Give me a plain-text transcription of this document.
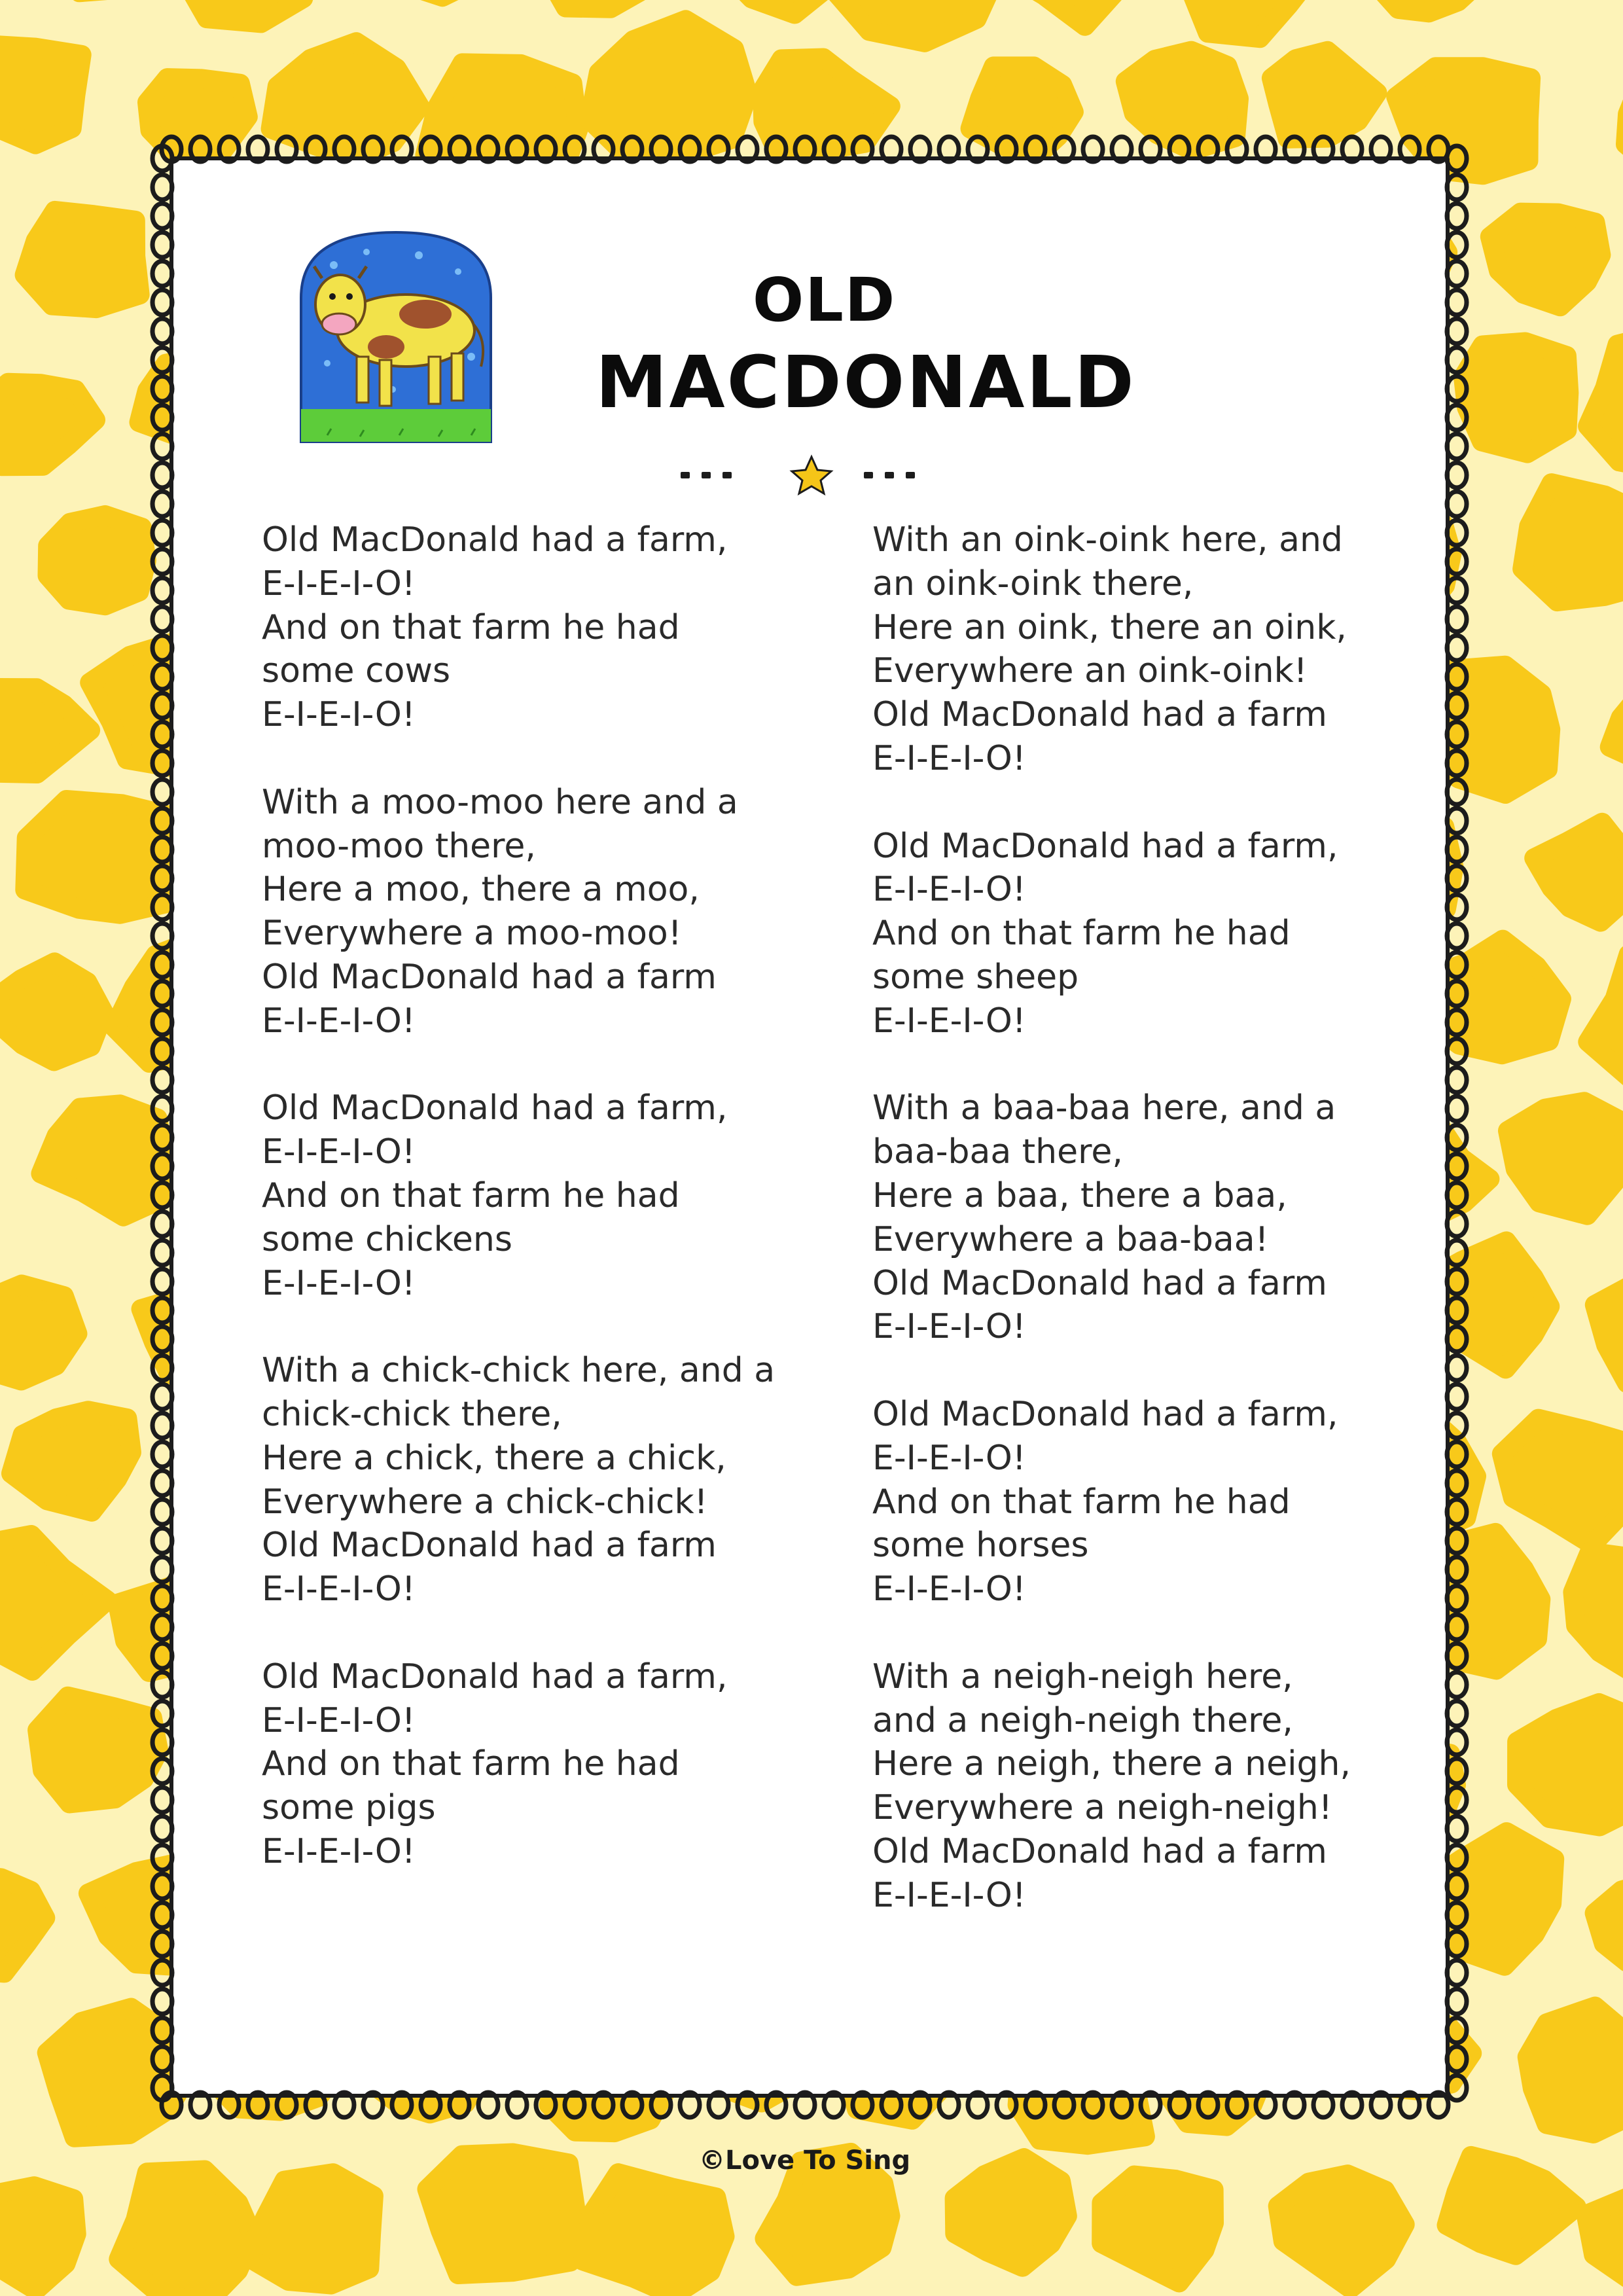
OLD
MACDONALD
Old MacDonald had a farm,
E-I-E-I-O!
And on that farm he had
some cows
E-I-E-I-O!
With a moo-moo here and a
moo-moo there,
Here a moo, there a moo,
Everywhere a moo-moo!
Old MacDonald had a farm
E-I-E-I-O!
Old MacDonald had a farm,
E-I-E-I-O!
And on that farm he had
some chickens
E-I-E-I-O!
With a chick-chick here, and a
chick-chick there,
Here a chick, there a chick,
Everywhere a chick-chick!
Old MacDonald had a farm
E-I-E-I-O!
Old MacDonald had a farm,
E-I-E-I-O!
And on that farm he had
some pigs
E-I-E-I-O!
With an oink-oink here, and
an oink-oink there,
Here an oink, there an oink,
Everywhere an oink-oink!
Old MacDonald had a farm
E-I-E-I-O!
Old MacDonald had a farm,
E-I-E-I-O!
And on that farm he had
some sheep
E-I-E-I-O!
With a baa-baa here, and a
baa-baa there,
Here a baa, there a baa,
Everywhere a baa-baa!
Old MacDonald had a farm
E-I-E-I-O!
Old MacDonald had a farm,
E-I-E-I-O!
And on that farm he had
some horses
E-I-E-I-O!
With a neigh-neigh here,
and a neigh-neigh there,
Here a neigh, there a neigh,
Everywhere a neigh-neigh!
Old MacDonald had a farm
E-I-E-I-O!
©Love To Sing
